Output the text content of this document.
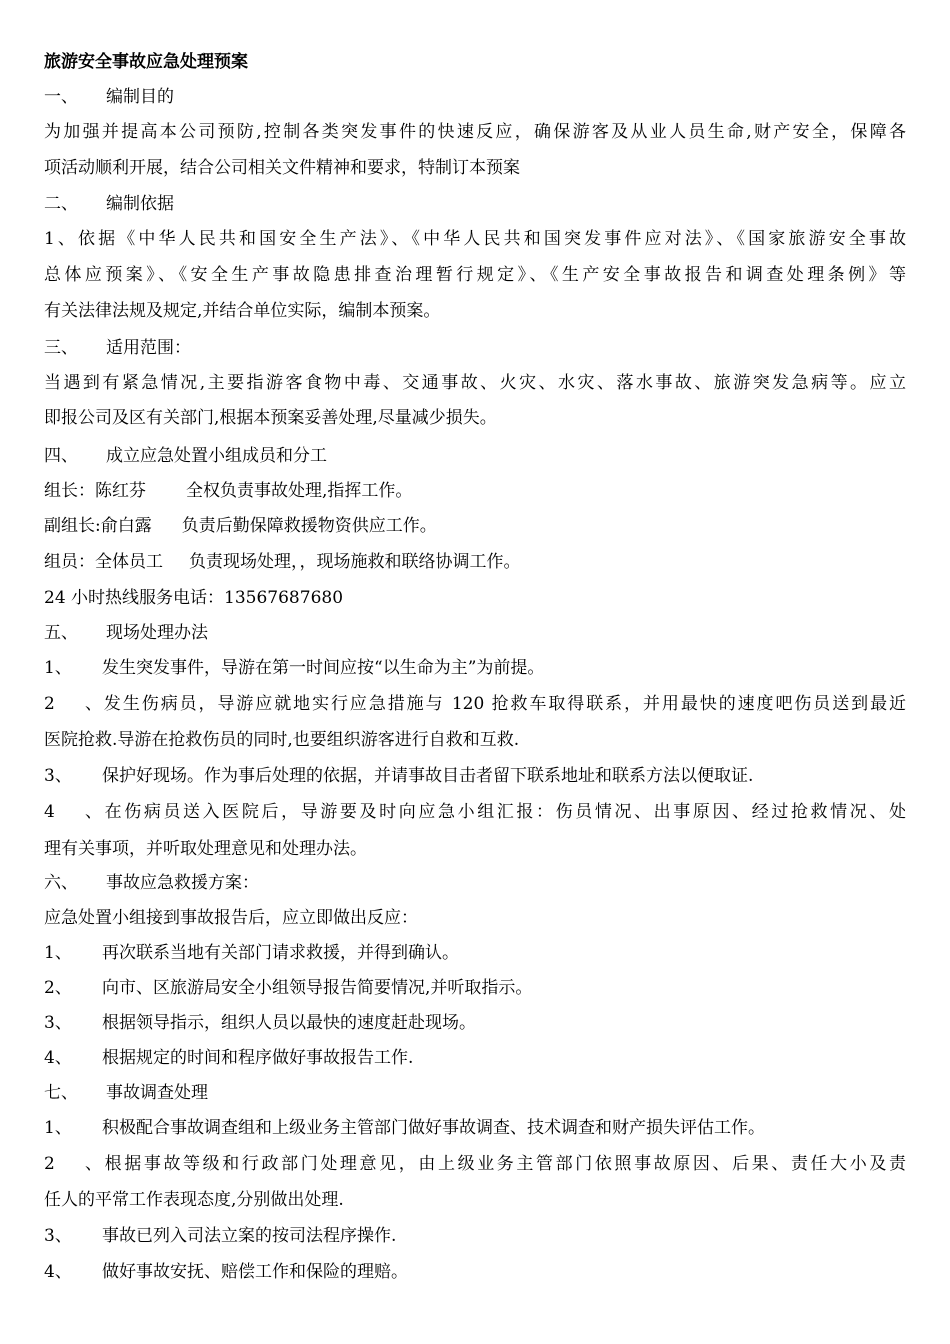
旅游安全事故应急处理预案
一、 编制目的
为加强并提高本公司预防,控制各类突发事件的快速反应，确保游客及从业人员生命,财产安全，保障各
项活动顺利开展，结合公司相关文件精神和要求，特制订本预案
二、 编制依据
1、依据《中华人民共和国安全生产法》、《中华人民共和国突发事件应对法》、《国家旅游安全事故
总体应预案》、《安全生产事故隐患排查治理暂行规定》、《生产安全事故报告和调查处理条例》等
有关法律法规及规定,并结合单位实际，编制本预案。
三、 适用范围：
当遇到有紧急情况,主要指游客食物中毒、交通事故、火灾、水灾、落水事故、旅游突发急病等。应立
即报公司及区有关部门,根据本预案妥善处理,尽量减少损失。
四、 成立应急处置小组成员和分工
组长：陈红芬 全权负责事故处理,指挥工作。
副组长:俞白露 负责后勤保障救援物资供应工作。
组员：全体员工 负责现场处理，，现场施救和联络协调工作。
24 小时热线服务电话：13567687680
五、 现场处理办法
1、 发生突发事件，导游在第一时间应按“以生命为主”为前提。
2、发生伤病员，导游应就地实行应急措施与 120 抢救车取得联系，并用最快的速度吧伤员送到最近
医院抢救.导游在抢救伤员的同时,也要组织游客进行自救和互救.
3、 保护好现场。作为事后处理的依据，并请事故目击者留下联系地址和联系方法以便取证.
4、在伤病员送入医院后，导游要及时向应急小组汇报：伤员情况、出事原因、经过抢救情况、处
理有关事项，并听取处理意见和处理办法。
六、 事故应急救援方案：
应急处置小组接到事故报告后，应立即做出反应：
1、 再次联系当地有关部门请求救援，并得到确认。
2、 向市、区旅游局安全小组领导报告简要情况,并听取指示。
3、 根据领导指示，组织人员以最快的速度赶赴现场。
4、 根据规定的时间和程序做好事故报告工作.
七、 事故调查处理
1、 积极配合事故调查组和上级业务主管部门做好事故调查、技术调查和财产损失评估工作。
2、根据事故等级和行政部门处理意见，由上级业务主管部门依照事故原因、后果、责任大小及责
任人的平常工作表现态度,分别做出处理.
3、 事故已列入司法立案的按司法程序操作.
4、 做好事故安抚、赔偿工作和保险的理赔。
